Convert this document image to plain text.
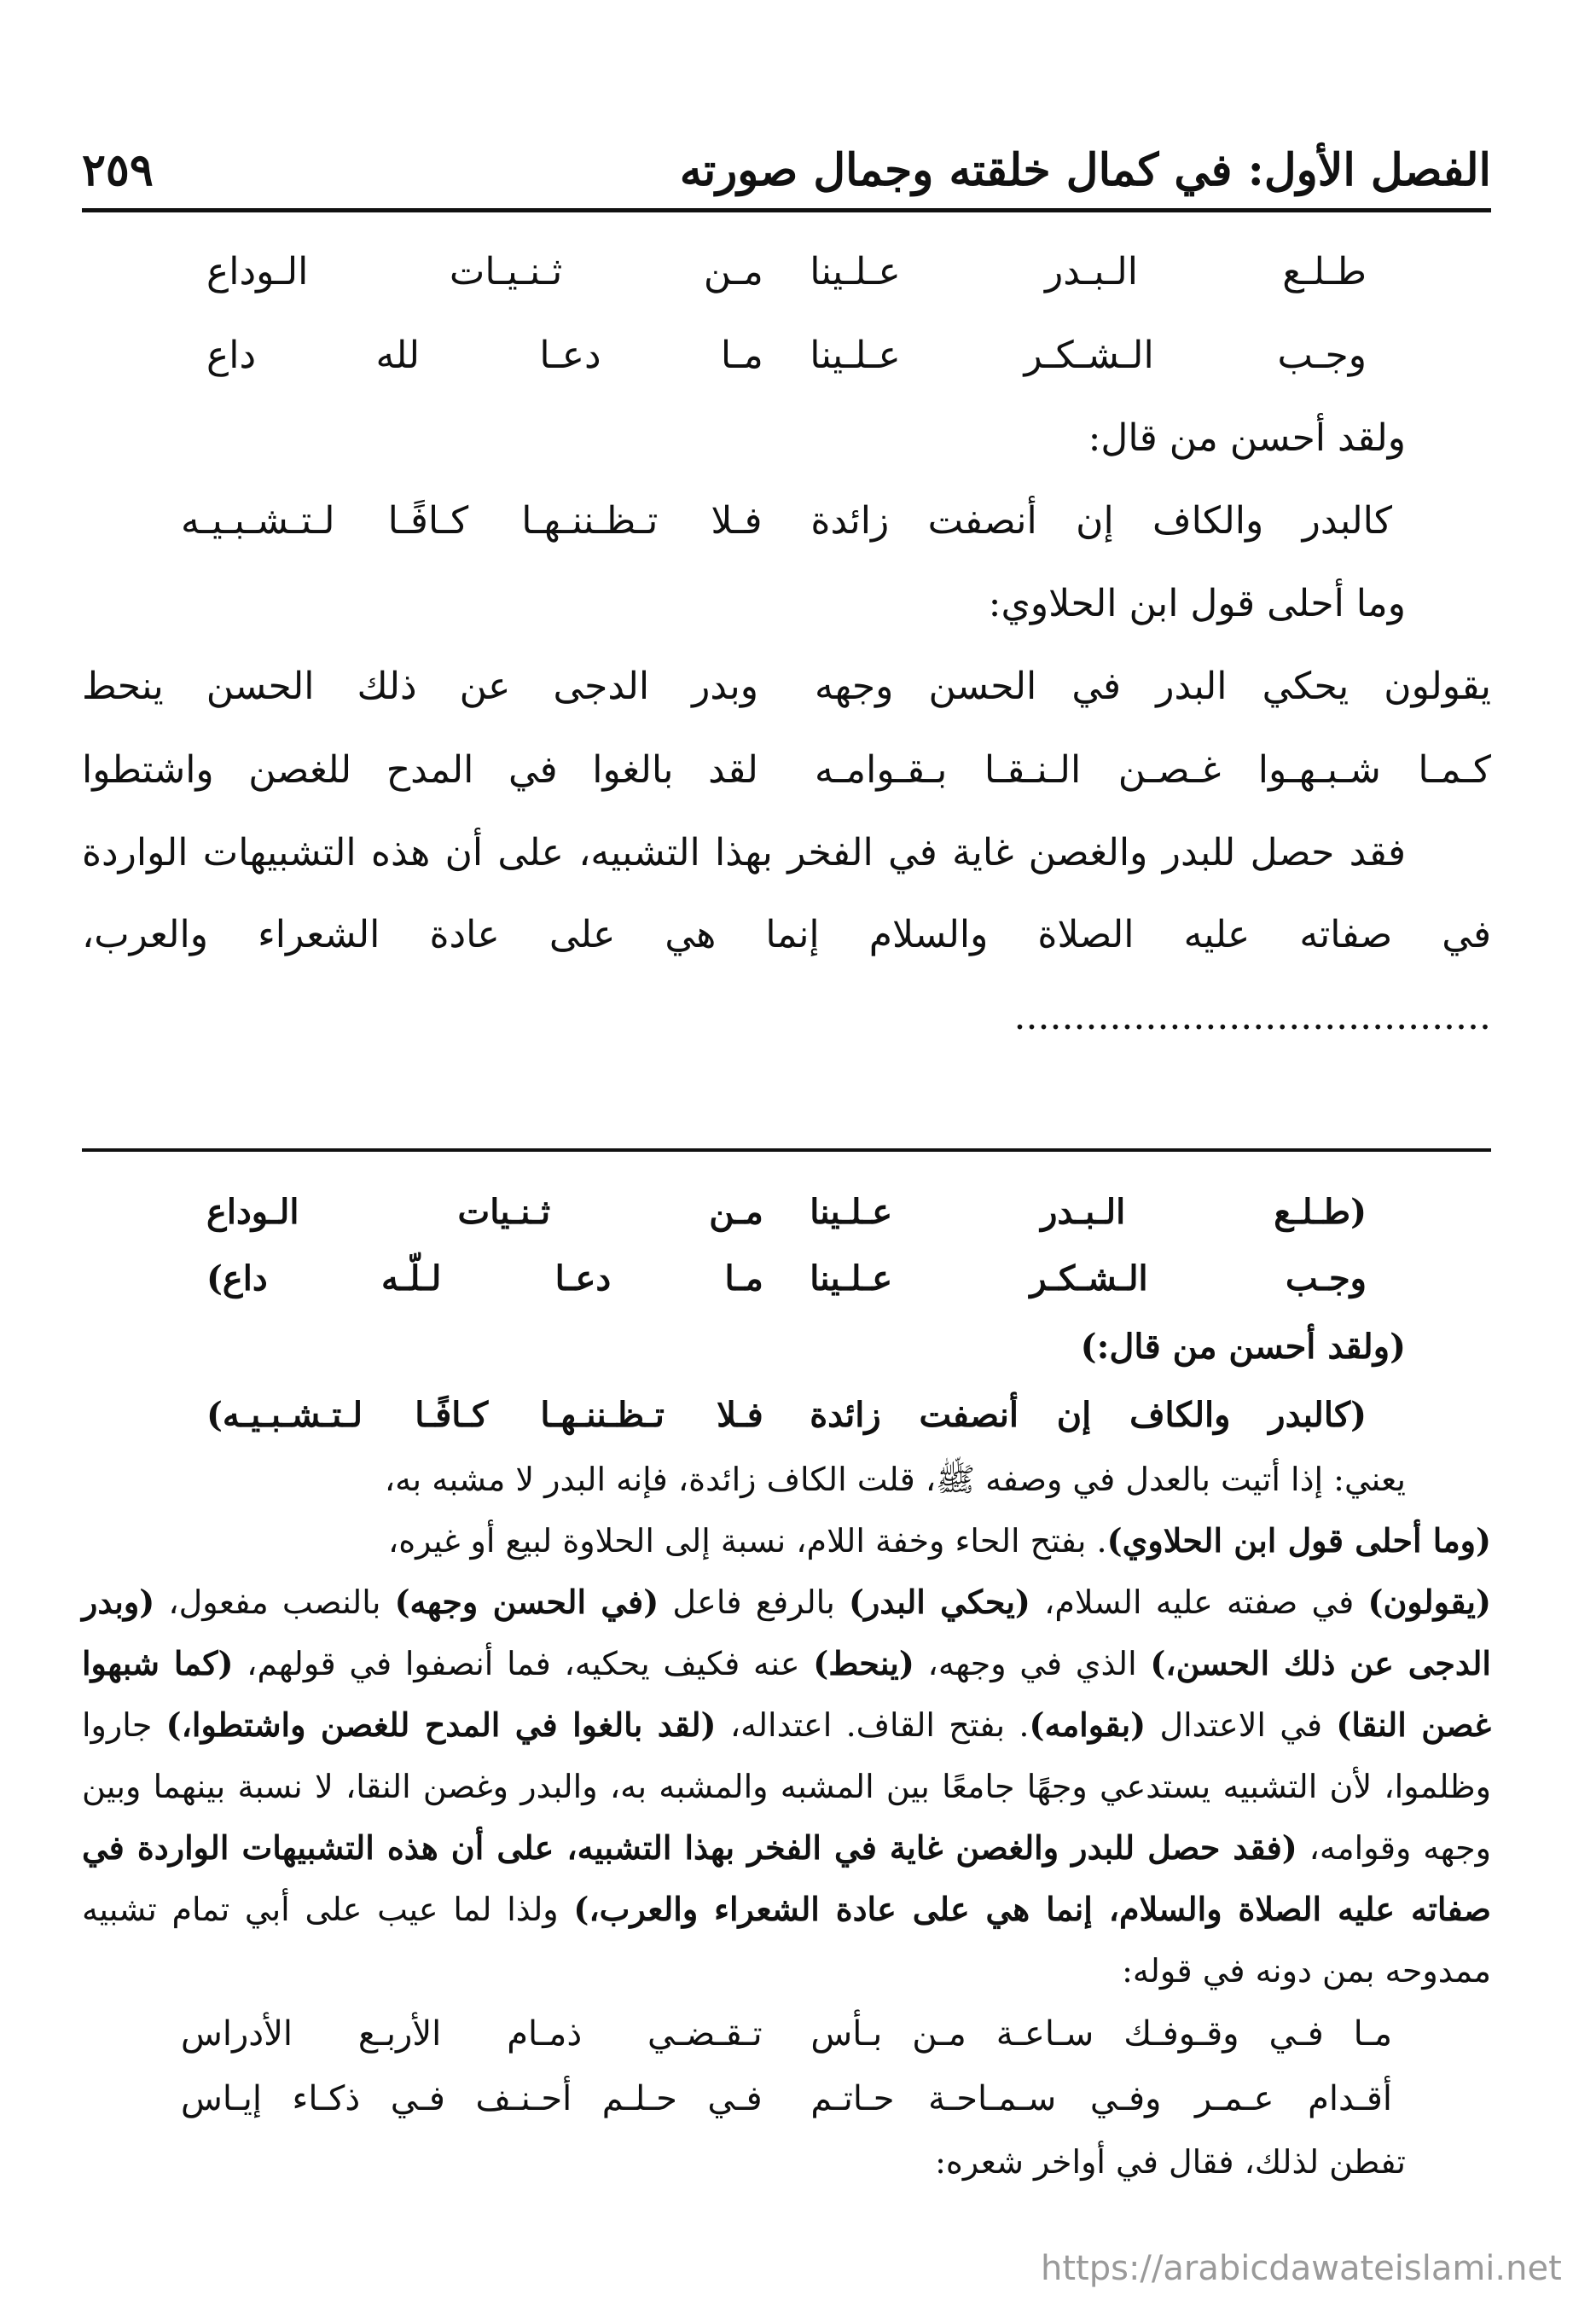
الفصل الأول: في كمال خلقته وجمال صورته
٢٥٩
طـلـع الـبـدر عـلـينا
مـن ثـنـيـات الـوداع
وجـب الـشـكـر عـلـينا
مـا دعـا لله داع
ولقد أحسن من قال:
كالبدر والكاف إن أنصفت زائدة
فـلا تـظـننـهـا كـافًـا لـتـشـبـيـه
وما أحلى قول ابن الحلاوي:
يقولون يحكي البدر في الحسن وجهه
وبدر الدجى عن ذلك الحسن ينحط
كـمـا شـبـهـوا غـصـن الـنـقـا بـقـوامـه
لقد بالغوا في المدح للغصن واشتطوا
فقد حصل للبدر والغصن غاية في الفخر بهذا التشبيه، على أن هذه التشبيهات الواردة في صفاته عليه الصلاة والسلام إنما هي على عادة الشعراء والعرب، ........................................
(طـلـع الـبـدر عـلـينا
مـن ثـنـيات الـوداع
وجـب الـشـكـر عـلـينا
مـا دعـا لـلّـه داع)
(ولقد أحسن من قال:)
(كالبدر والكاف إن أنصفت زائدة
فـلا تـظـننـهـا كـافًـا لـتـشـبـيـه)
يعني: إذا أتيت بالعدل في وصفه ﷺ، قلت الكاف زائدة، فإنه البدر لا مشبه به،
(وما أحلى قول ابن الحلاوي). بفتح الحاء وخفة اللام، نسبة إلى الحلاوة لبيع أو غيره،
(يقولون) في صفته عليه السلام، (يحكي البدر) بالرفع فاعل (في الحسن وجهه) بالنصب مفعول، (وبدر الدجى عن ذلك الحسن،) الذي في وجهه، (ينحط) عنه فكيف يحكيه، فما أنصفوا في قولهم، (كما شبهوا غصن النقا) في الاعتدال (بقوامه). بفتح القاف. اعتداله، (لقد بالغوا في المدح للغصن واشتطوا،) جاروا وظلموا، لأن التشبيه يستدعي وجهًا جامعًا بين المشبه والمشبه به، والبدر وغصن النقا، لا نسبة بينهما وبين وجهه وقوامه، (فقد حصل للبدر والغصن غاية في الفخر بهذا التشبيه، على أن هذه التشبيهات الواردة في صفاته عليه الصلاة والسلام، إنما هي على عادة الشعراء والعرب،) ولذا لما عيب على أبي تمام تشبيه ممدوحه بمن دونه في قوله:
مـا فـي وقـوفـك سـاعـة مـن بـأس
تـقـضـي ذمـام الأربـع الأدراس
أقـدام عـمـر وفـي سـمـاحـة حـاتـم
فـي حـلـم أحـنـف فـي ذكـاء إيـاس
تفطن لذلك، فقال في أواخر شعره:
https://arabicdawateislami.net
